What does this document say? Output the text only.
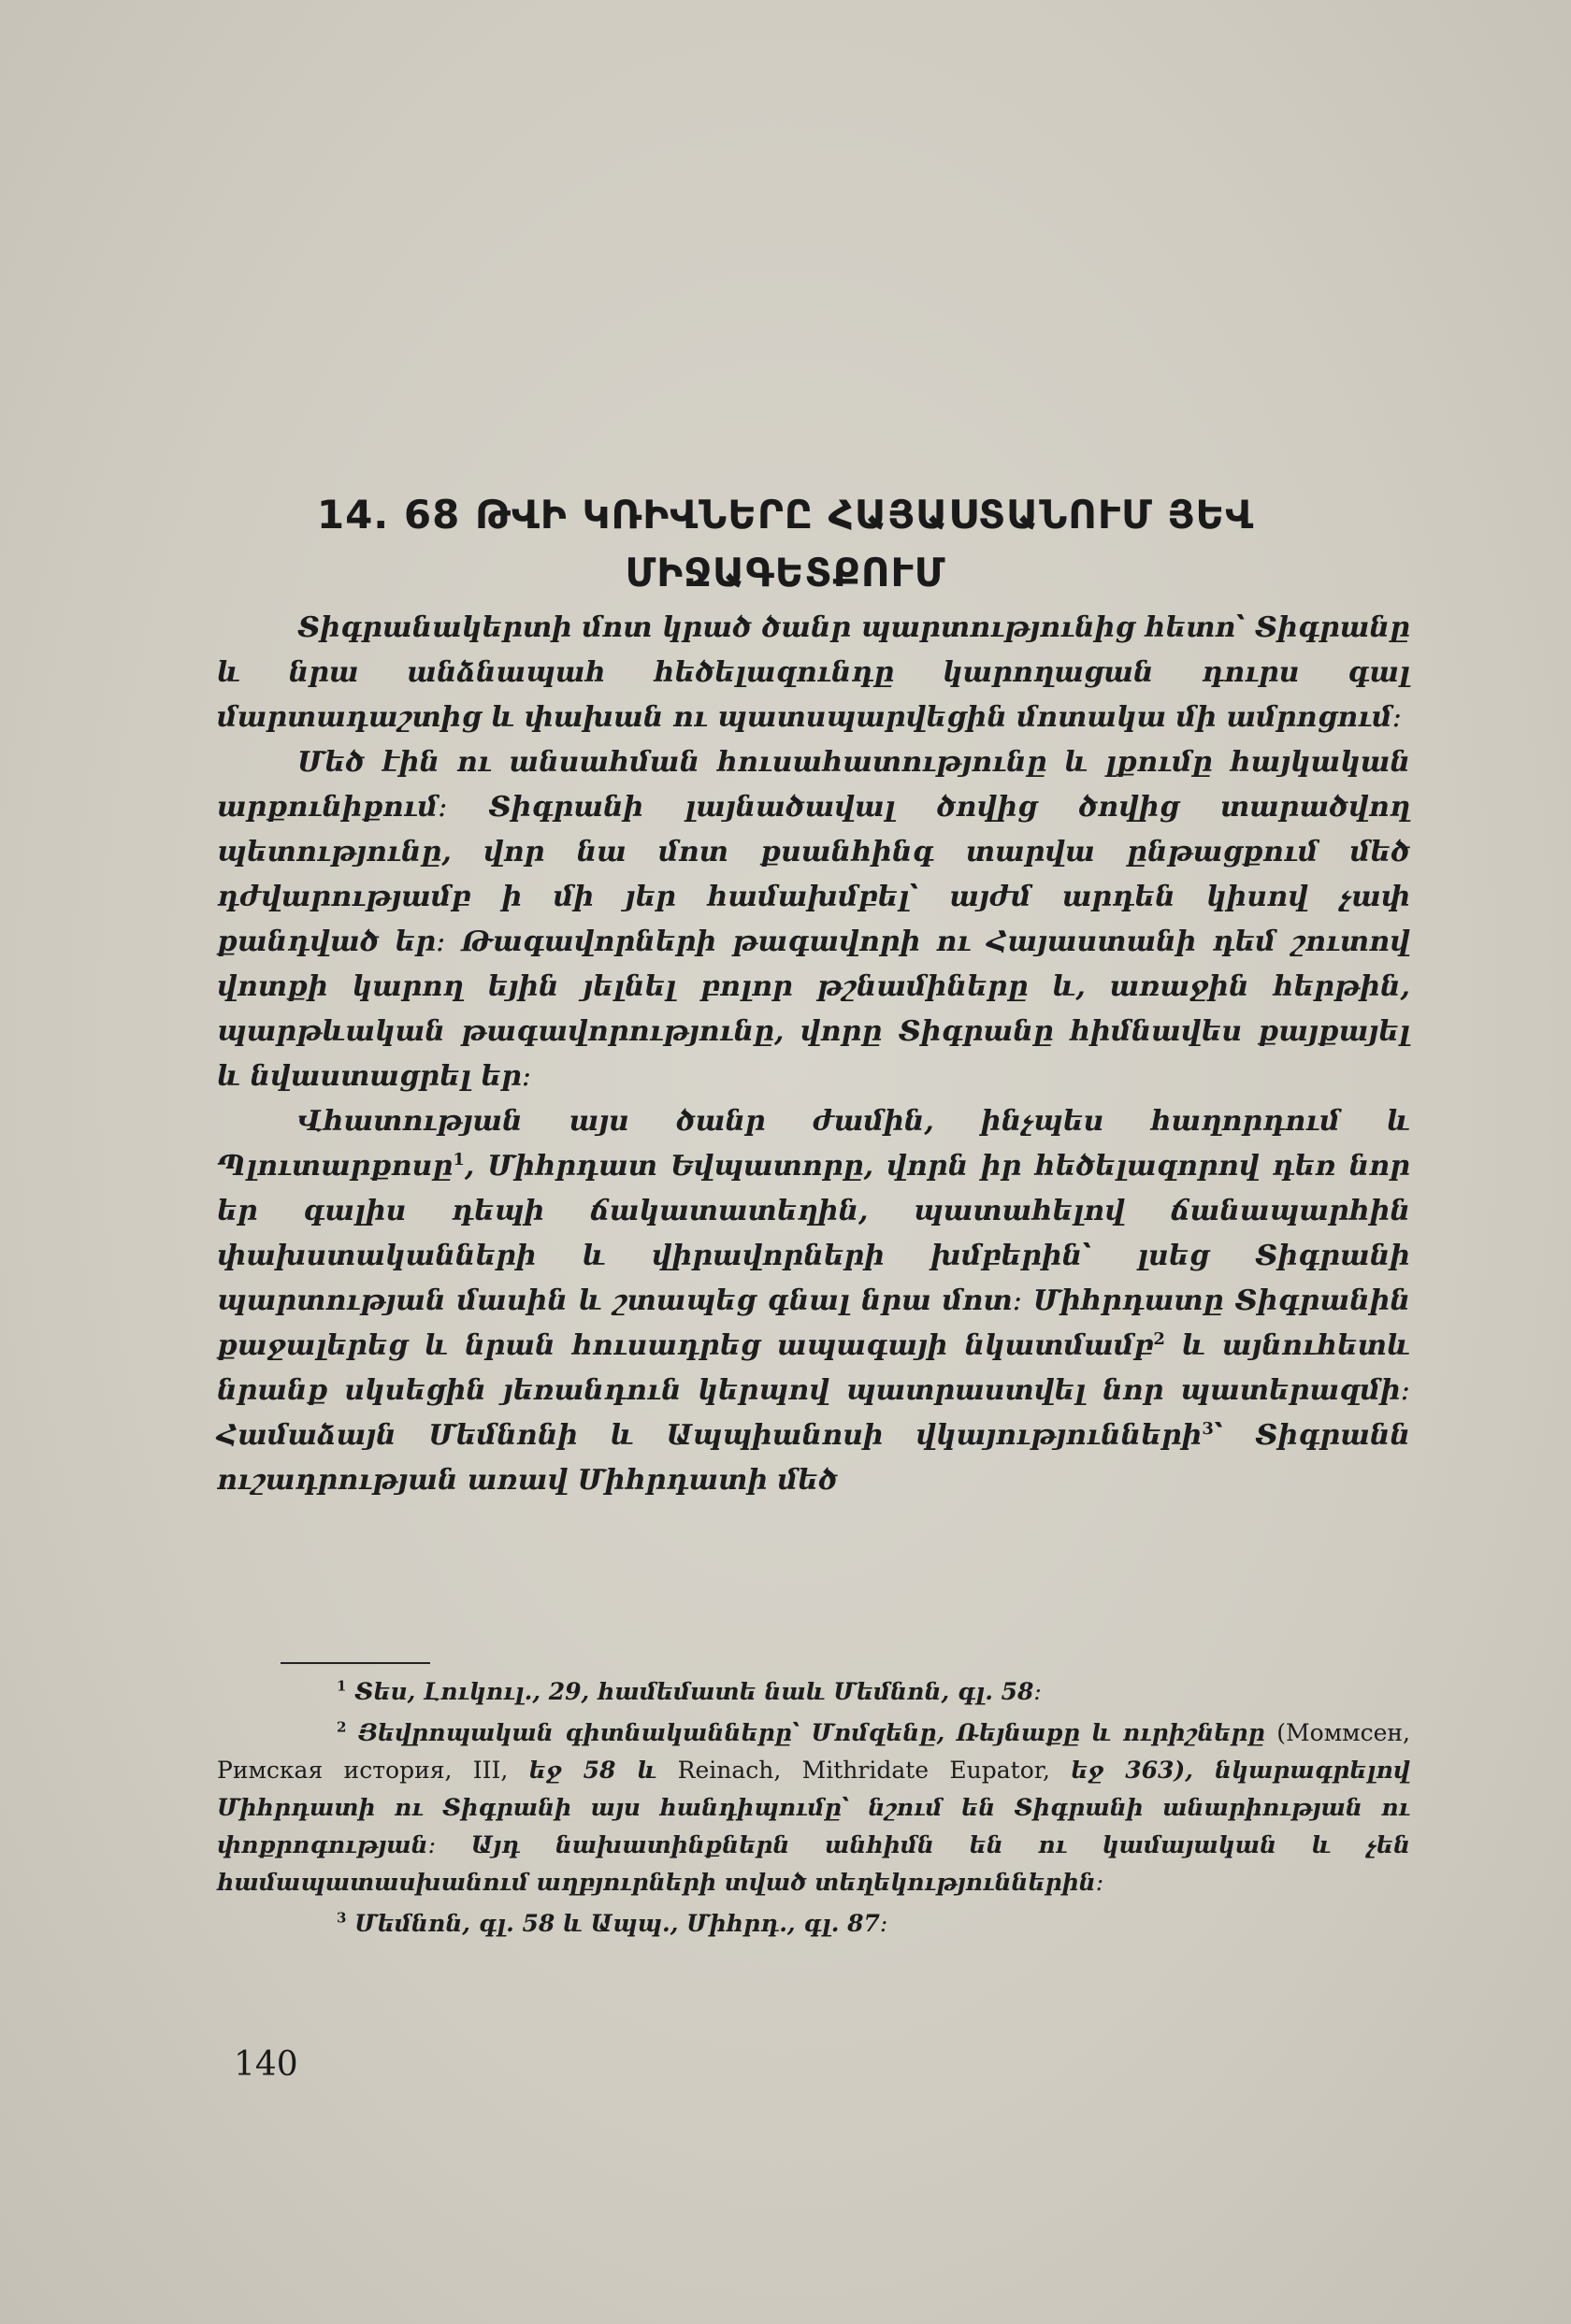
14. 68 ԹՎԻ ԿՌԻՎՆԵՐԸ ՀԱՅԱՍՏԱՆՈՒՄ ՅԵՎ
ՄԻՋԱԳԵՏՔՈՒՄ

Տիգրանակերտի մոտ կրած ծանր պարտությունից հետո՝ Տիգրանը և նրա անձնապահ հեծելազունդը կարողացան դուրս գալ մարտադաշտից և փախան ու պատսպարվեցին մոտակա մի ամրոցում։

Մեծ էին ու անսահման հուսահատությունը և լքումը հայկական արքունիքում։ Տիգրանի լայնածավալ ծովից ծովից տարածվող պետությունը, վոր նա մոտ քսանհինգ տարվա ընթացքում մեծ դժվարությամբ ի մի յեր համախմբել՝ այժմ արդեն կիսով չափ քանդված եր։ Թագավորների թագավորի ու Հայաստանի դեմ շուտով վոտքի կարող եյին յելնել բոլոր թշնամիները և, առաջին հերթին, պարթևական թագավորությունը, վորը Տիգրանը հիմնավես քայքայել և նվաստացրել եր։

Վհատության այս ծանր ժամին, ինչպես հաղորդում և Պլուտարքոսը$^1$, Միհրդատ Եվպատորը, վորն իր հեծելազորով դեռ նոր եր գալիս դեպի ճակատատեղին, պատահելով ճանապարհին փախստականների և վիրավորների խմբերին՝ լսեց Տիգրանի պարտության մասին և շտապեց գնալ նրա մոտ։ Միհրդատը Տիգրանին քաջալերեց և նրան հուսադրեց ապագայի նկատմամբ$^2$ և այնուհետև նրանք սկսեցին յեռանդուն կերպով պատրաստվել նոր պատերազմի։ Համաձայն Մեմնոնի և Ապպիանոսի վկայությունների$^3$՝ Տիգրանն ուշադրության առավ Միհրդատի մեծ

$^1$ Տես, Լուկուլ., 29, համեմատե նաև Մեմնոն, գլ. 58։

$^2$ Յեվրոպական գիտնականները՝ Մոմզենը, Ռեյնաքը և ուրիշները (Моммсен, Римская история, III, եջ 58 և Reinach, Mithridate Eupator, եջ 363), նկարագրելով Միհրդատի ու Տիգրանի այս հանդիպումը՝ նշում են Տիգրանի անարիության ու փոքրոգության։ Այդ նախատինքներն անհիմն են ու կամայական և չեն համապատասխանում աղբյուրների տված տեղեկություններին։

$^3$ Մեմնոն, գլ. 58 և Ապպ., Միհրդ., գլ. 87։

140
